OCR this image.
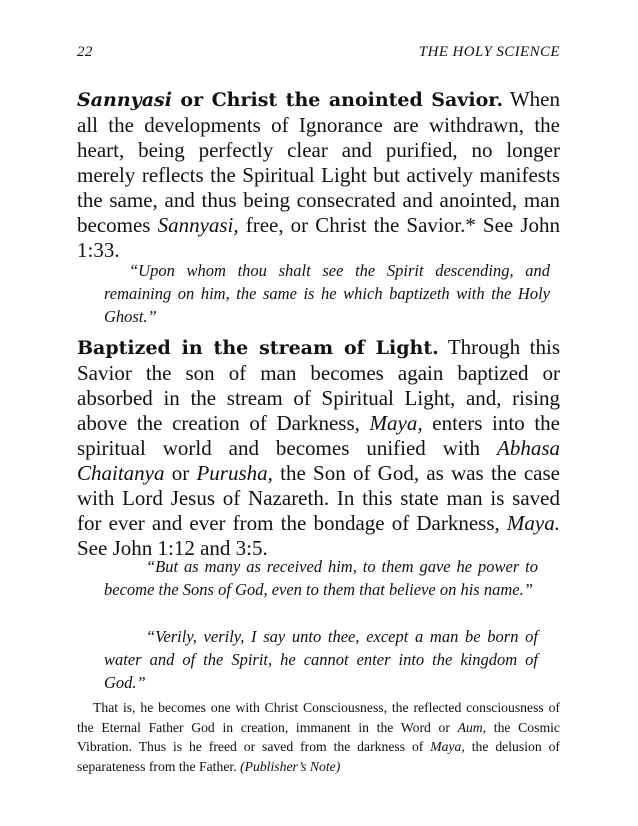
22	THE HOLY SCIENCE

Sannyasi or Christ the anointed Savior. When all the developments of Ignorance are withdrawn, the heart, being perfectly clear and purified, no longer merely reflects the Spiritual Light but actively manifests the same, and thus being consecrated and anointed, man becomes Sannyasi, free, or Christ the Savior.* See John 1:33.

“Upon whom thou shalt see the Spirit descending, and remaining on him, the same is he which baptizeth with the Holy Ghost.”

Baptized in the stream of Light. Through this Savior the son of man becomes again baptized or absorbed in the stream of Spiritual Light, and, rising above the creation of Darkness, Maya, enters into the spiritual world and becomes unified with Abhasa Chaitanya or Purusha, the Son of God, as was the case with Lord Jesus of Nazareth. In this state man is saved for ever and ever from the bondage of Darkness, Maya. See John 1:12 and 3:5.

“But as many as received him, to them gave he power to become the Sons of God, even to them that believe on his name.”

“Verily, verily, I say unto thee, except a man be born of water and of the Spirit, he cannot enter into the kingdom of God.”

That is, he becomes one with Christ Consciousness, the reflected consciousness of the Eternal Father God in creation, immanent in the Word or Aum, the Cosmic Vibration. Thus is he freed or saved from the darkness of Maya, the delusion of separateness from the Father. (Publisher’s Note)
